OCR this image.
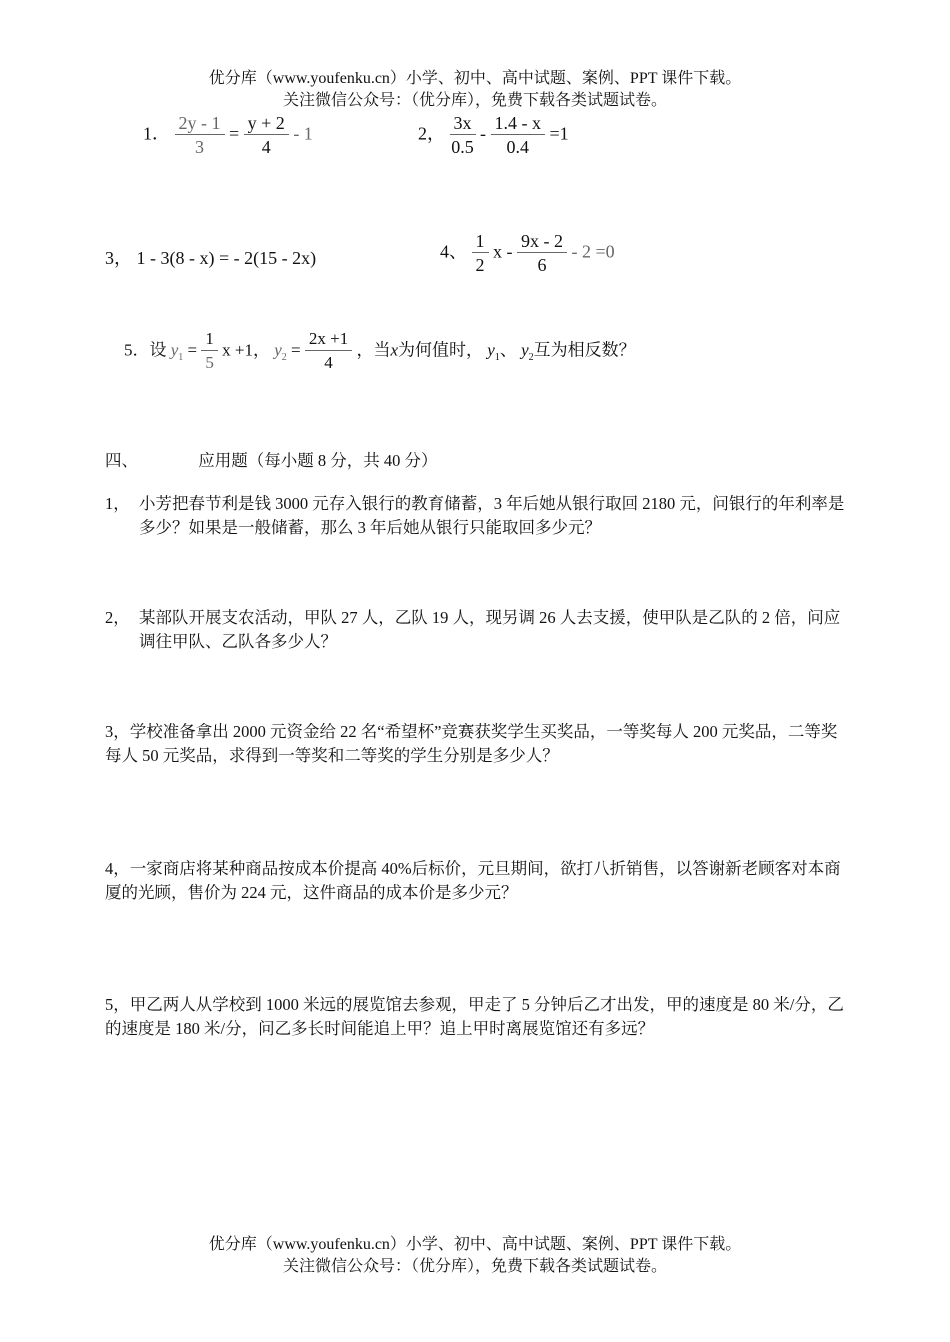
优分库（www.youfenku.cn）小学、初中、高中试题、案例、PPT 课件下载。
关注微信公众号：（优分库），免费下载各类试题试卷。
1． $\frac{2y - 1}{3} = \frac{y + 2}{4} - 1$	2， $\frac{3x}{0.5} - \frac{1.4 - x}{0.4} =1$
3， 1 - 3(8 - x) = - 2(15 - 2x)	4、 $\frac{1}{2}$ $x - \frac{9x - 2}{6} - 2 =0$
5．设 $y_1 = \frac{1}{5}$ x +1， $y_2 = \frac{2x +1}{4}$ ，当x为何值时， $y_1$、 $y_2$互为相反数？
四、	应用题（每小题 8 分，共 40 分）
1， 小芳把春节利是钱 3000 元存入银行的教育储蓄，3 年后她从银行取回 2180 元，问银行的年利率是多少？如果是一般储蓄，那么 3 年后她从银行只能取回多少元？
2， 某部队开展支农活动，甲队 27 人，乙队 19 人，现另调 26 人去支援，使甲队是乙队的 2 倍，问应调往甲队、乙队各多少人？
3，学校准备拿出 2000 元资金给 22 名“希望杯”竞赛获奖学生买奖品，一等奖每人 200 元奖品，二等奖每人 50 元奖品，求得到一等奖和二等奖的学生分别是多少人？
4，一家商店将某种商品按成本价提高 40%后标价，元旦期间，欲打八折销售，以答谢新老顾客对本商厦的光顾，售价为 224 元，这件商品的成本价是多少元？
5，甲乙两人从学校到 1000 米远的展览馆去参观，甲走了 5 分钟后乙才出发，甲的速度是 80 米/分，乙的速度是 180 米/分，问乙多长时间能追上甲？追上甲时离展览馆还有多远？
优分库（www.youfenku.cn）小学、初中、高中试题、案例、PPT 课件下载。
关注微信公众号：（优分库），免费下载各类试题试卷。
